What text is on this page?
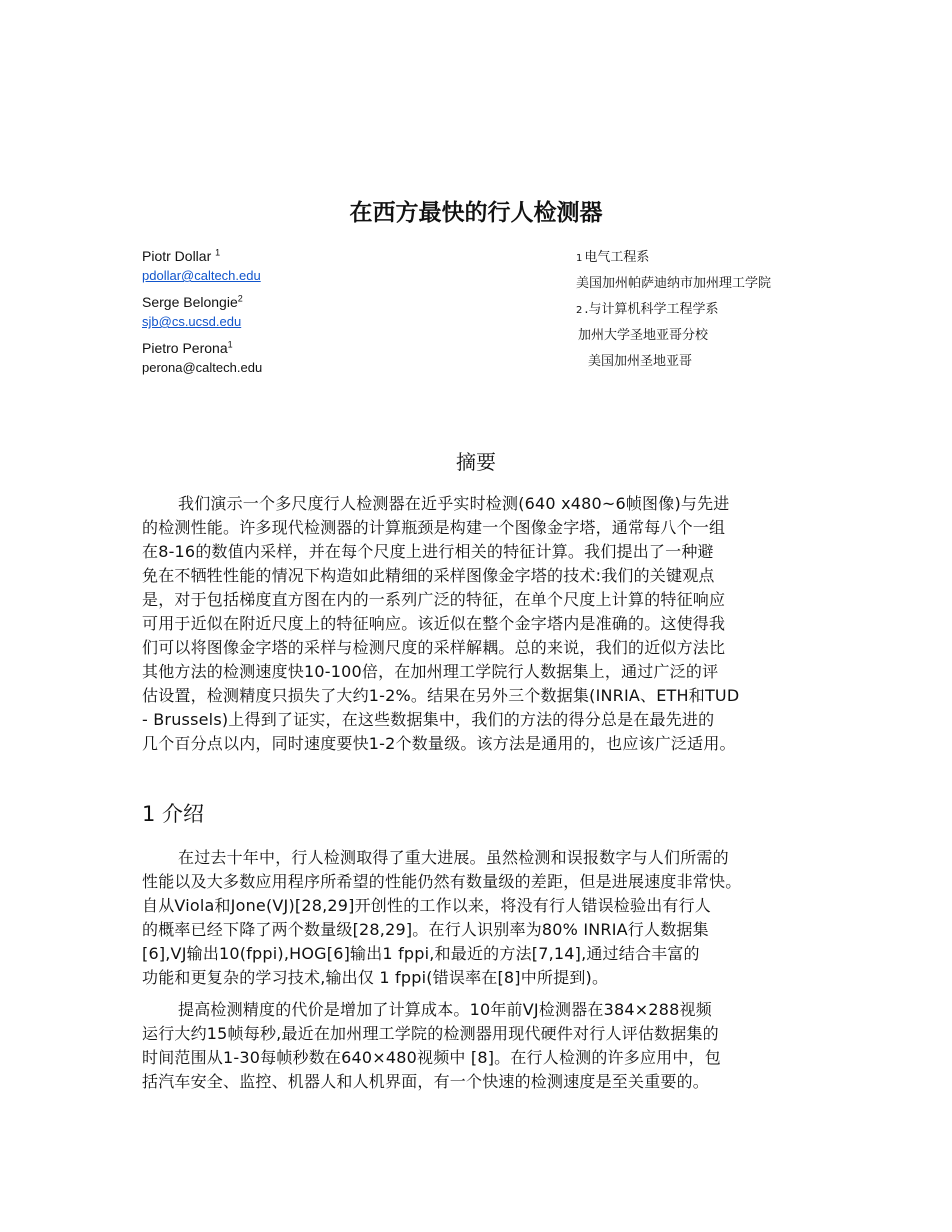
在西方最快的行人检测器
Piotr Dollar $^1$
pdollar@caltech.edu
Serge Belongie$^2$
sjb@cs.ucsd.edu
Pietro Perona$^1$
perona@caltech.edu
1 电气工程系
美国加州帕萨迪纳市加州理工学院
2 .与计算机科学工程学系
加州大学圣地亚哥分校
美国加州圣地亚哥
摘要
我们演示一个多尺度行人检测器在近乎实时检测(640 x480~6帧图像)与先进
的检测性能。许多现代检测器的计算瓶颈是构建一个图像金字塔，通常每八个一组
在8-16的数值内采样，并在每个尺度上进行相关的特征计算。我们提出了一种避
免在不牺牲性能的情况下构造如此精细的采样图像金字塔的技术:我们的关键观点
是，对于包括梯度直方图在内的一系列广泛的特征，在单个尺度上计算的特征响应
可用于近似在附近尺度上的特征响应。该近似在整个金字塔内是准确的。这使得我
们可以将图像金字塔的采样与检测尺度的采样解耦。总的来说，我们的近似方法比
其他方法的检测速度快10-100倍，在加州理工学院行人数据集上，通过广泛的评
估设置，检测精度只损失了大约1-2%。结果在另外三个数据集(INRIA、ETH和TUD
- Brussels)上得到了证实，在这些数据集中，我们的方法的得分总是在最先进的
几个百分点以内，同时速度要快1-2个数量级。该方法是通用的，也应该广泛适用。
1 介绍
在过去十年中，行人检测取得了重大进展。虽然检测和误报数字与人们所需的
性能以及大多数应用程序所希望的性能仍然有数量级的差距，但是进展速度非常快。
自从Viola和Jone(VJ)[28,29]开创性的工作以来，将没有行人错误检验出有行人
的概率已经下降了两个数量级[28,29]。在行人识别率为80% INRIA行人数据集
[6],VJ输出10(fppi),HOG[6]输出1 fppi,和最近的方法[7,14],通过结合丰富的
功能和更复杂的学习技术,输出仅 1 fppi(错误率在[8]中所提到)。
提高检测精度的代价是增加了计算成本。10年前VJ检测器在384×288视频
运行大约15帧每秒,最近在加州理工学院的检测器用现代硬件对行人评估数据集的
时间范围从1-30每帧秒数在640×480视频中 [8]。在行人检测的许多应用中，包
括汽车安全、监控、机器人和人机界面，有一个快速的检测速度是至关重要的。
